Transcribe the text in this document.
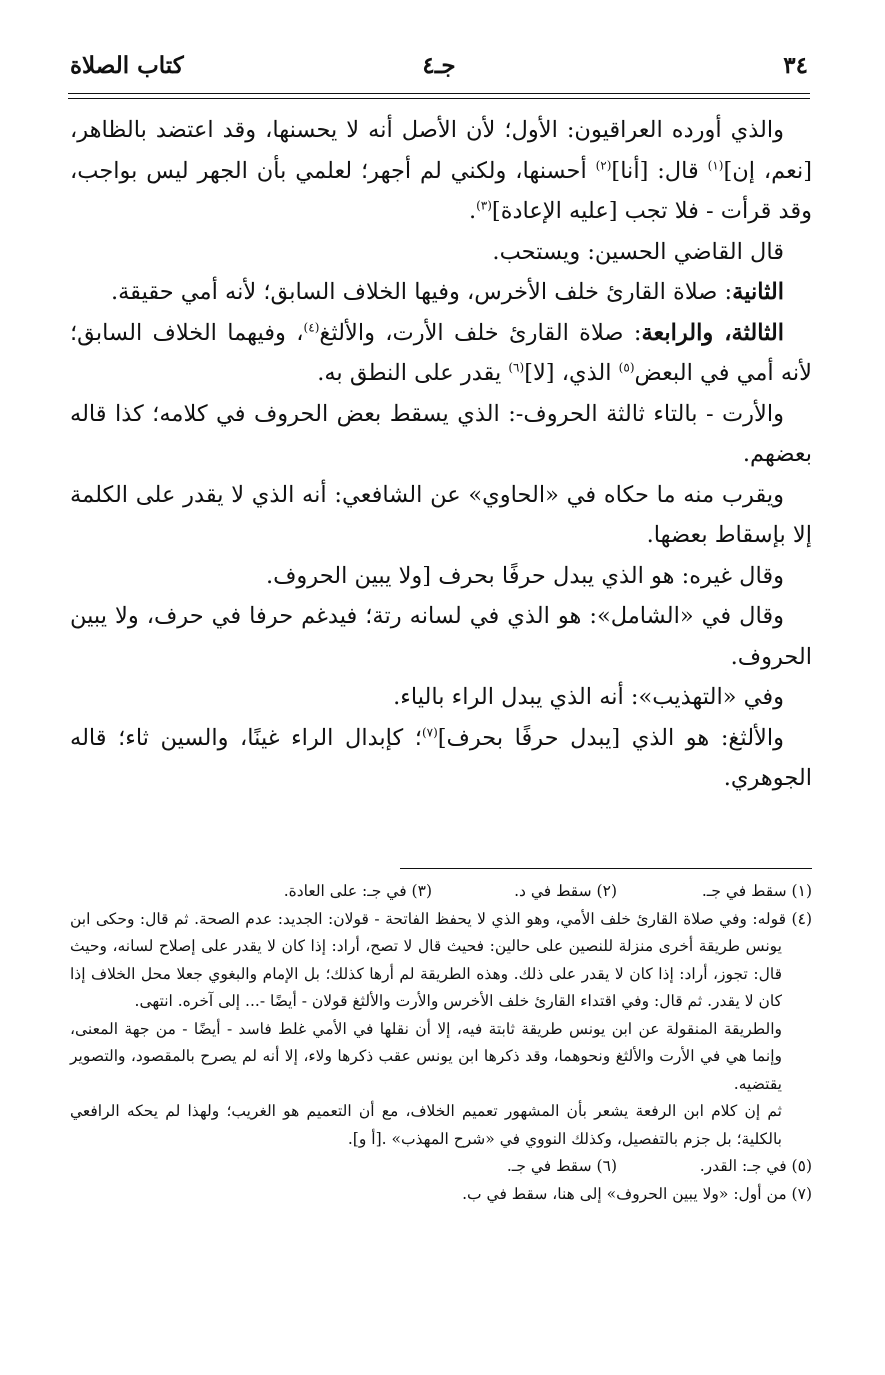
٣٤
جـ٤
كتاب الصلاة

والذي أورده العراقيون: الأول؛ لأن الأصل أنه لا يحسنها، وقد اعتضد بالظاهر، [نعم، إن]$^{(١)}$ قال: [أنا]$^{(٢)}$ أحسنها، ولكني لم أجهر؛ لعلمي بأن الجهر ليس بواجب، وقد قرأت - فلا تجب [عليه الإعادة]$^{(٣)}$.

قال القاضي الحسين: ويستحب.

الثانية: صلاة القارئ خلف الأخرس، وفيها الخلاف السابق؛ لأنه أمي حقيقة.

الثالثة، والرابعة: صلاة القارئ خلف الأرت، والألثغ$^{(٤)}$، وفيهما الخلاف السابق؛ لأنه أمي في البعض$^{(٥)}$ الذي، [لا]$^{(٦)}$ يقدر على النطق به.

والأرت - بالتاء ثالثة الحروف-: الذي يسقط بعض الحروف في كلامه؛ كذا قاله بعضهم.

ويقرب منه ما حكاه في «الحاوي» عن الشافعي: أنه الذي لا يقدر على الكلمة إلا بإسقاط بعضها.

وقال غيره: هو الذي يبدل حرفًا بحرف [ولا يبين الحروف.

وقال في «الشامل»: هو الذي في لسانه رتة؛ فيدغم حرفا في حرف، ولا يبين الحروف.

وفي «التهذيب»: أنه الذي يبدل الراء بالياء.

والألثغ: هو الذي [يبدل حرفًا بحرف]$^{(٧)}$؛ كإبدال الراء غينًا، والسين ثاء؛ قاله الجوهري.

(١) سقط في جـ.
(٢) سقط في د.
(٣) في جـ: على العادة.

(٤) قوله: وفي صلاة القارئ خلف الأمي، وهو الذي لا يحفظ الفاتحة - قولان: الجديد: عدم الصحة. ثم قال: وحكى ابن يونس طريقة أخرى منزلة للنصين على حالين: فحيث قال لا تصح، أراد: إذا كان لا يقدر على إصلاح لسانه، وحيث قال: تجوز، أراد: إذا كان لا يقدر على ذلك. وهذه الطريقة لم أرها كذلك؛ بل الإمام والبغوي جعلا محل الخلاف إذا كان لا يقدر. ثم قال: وفي اقتداء القارئ خلف الأخرس والأرت والألثغ قولان - أيضًا -... إلى آخره. انتهى.

والطريقة المنقولة عن ابن يونس طريقة ثابتة فيه، إلا أن نقلها في الأمي غلط فاسد - أيضًا - من جهة المعنى، وإنما هي في الأرت والألثغ ونحوهما، وقد ذكرها ابن يونس عقب ذكرها ولاء، إلا أنه لم يصرح بالمقصود، والتصوير يقتضيه.

ثم إن كلام ابن الرفعة يشعر بأن المشهور تعميم الخلاف، مع أن التعميم هو الغريب؛ ولهذا لم يحكه الرافعي بالكلية؛ بل جزم بالتفصيل، وكذلك النووي في «شرح المهذب» .[أ و].

(٥) في جـ: القدر.
(٦) سقط في جـ.

(٧) من أول: «ولا يبين الحروف» إلى هنا، سقط في ب.
